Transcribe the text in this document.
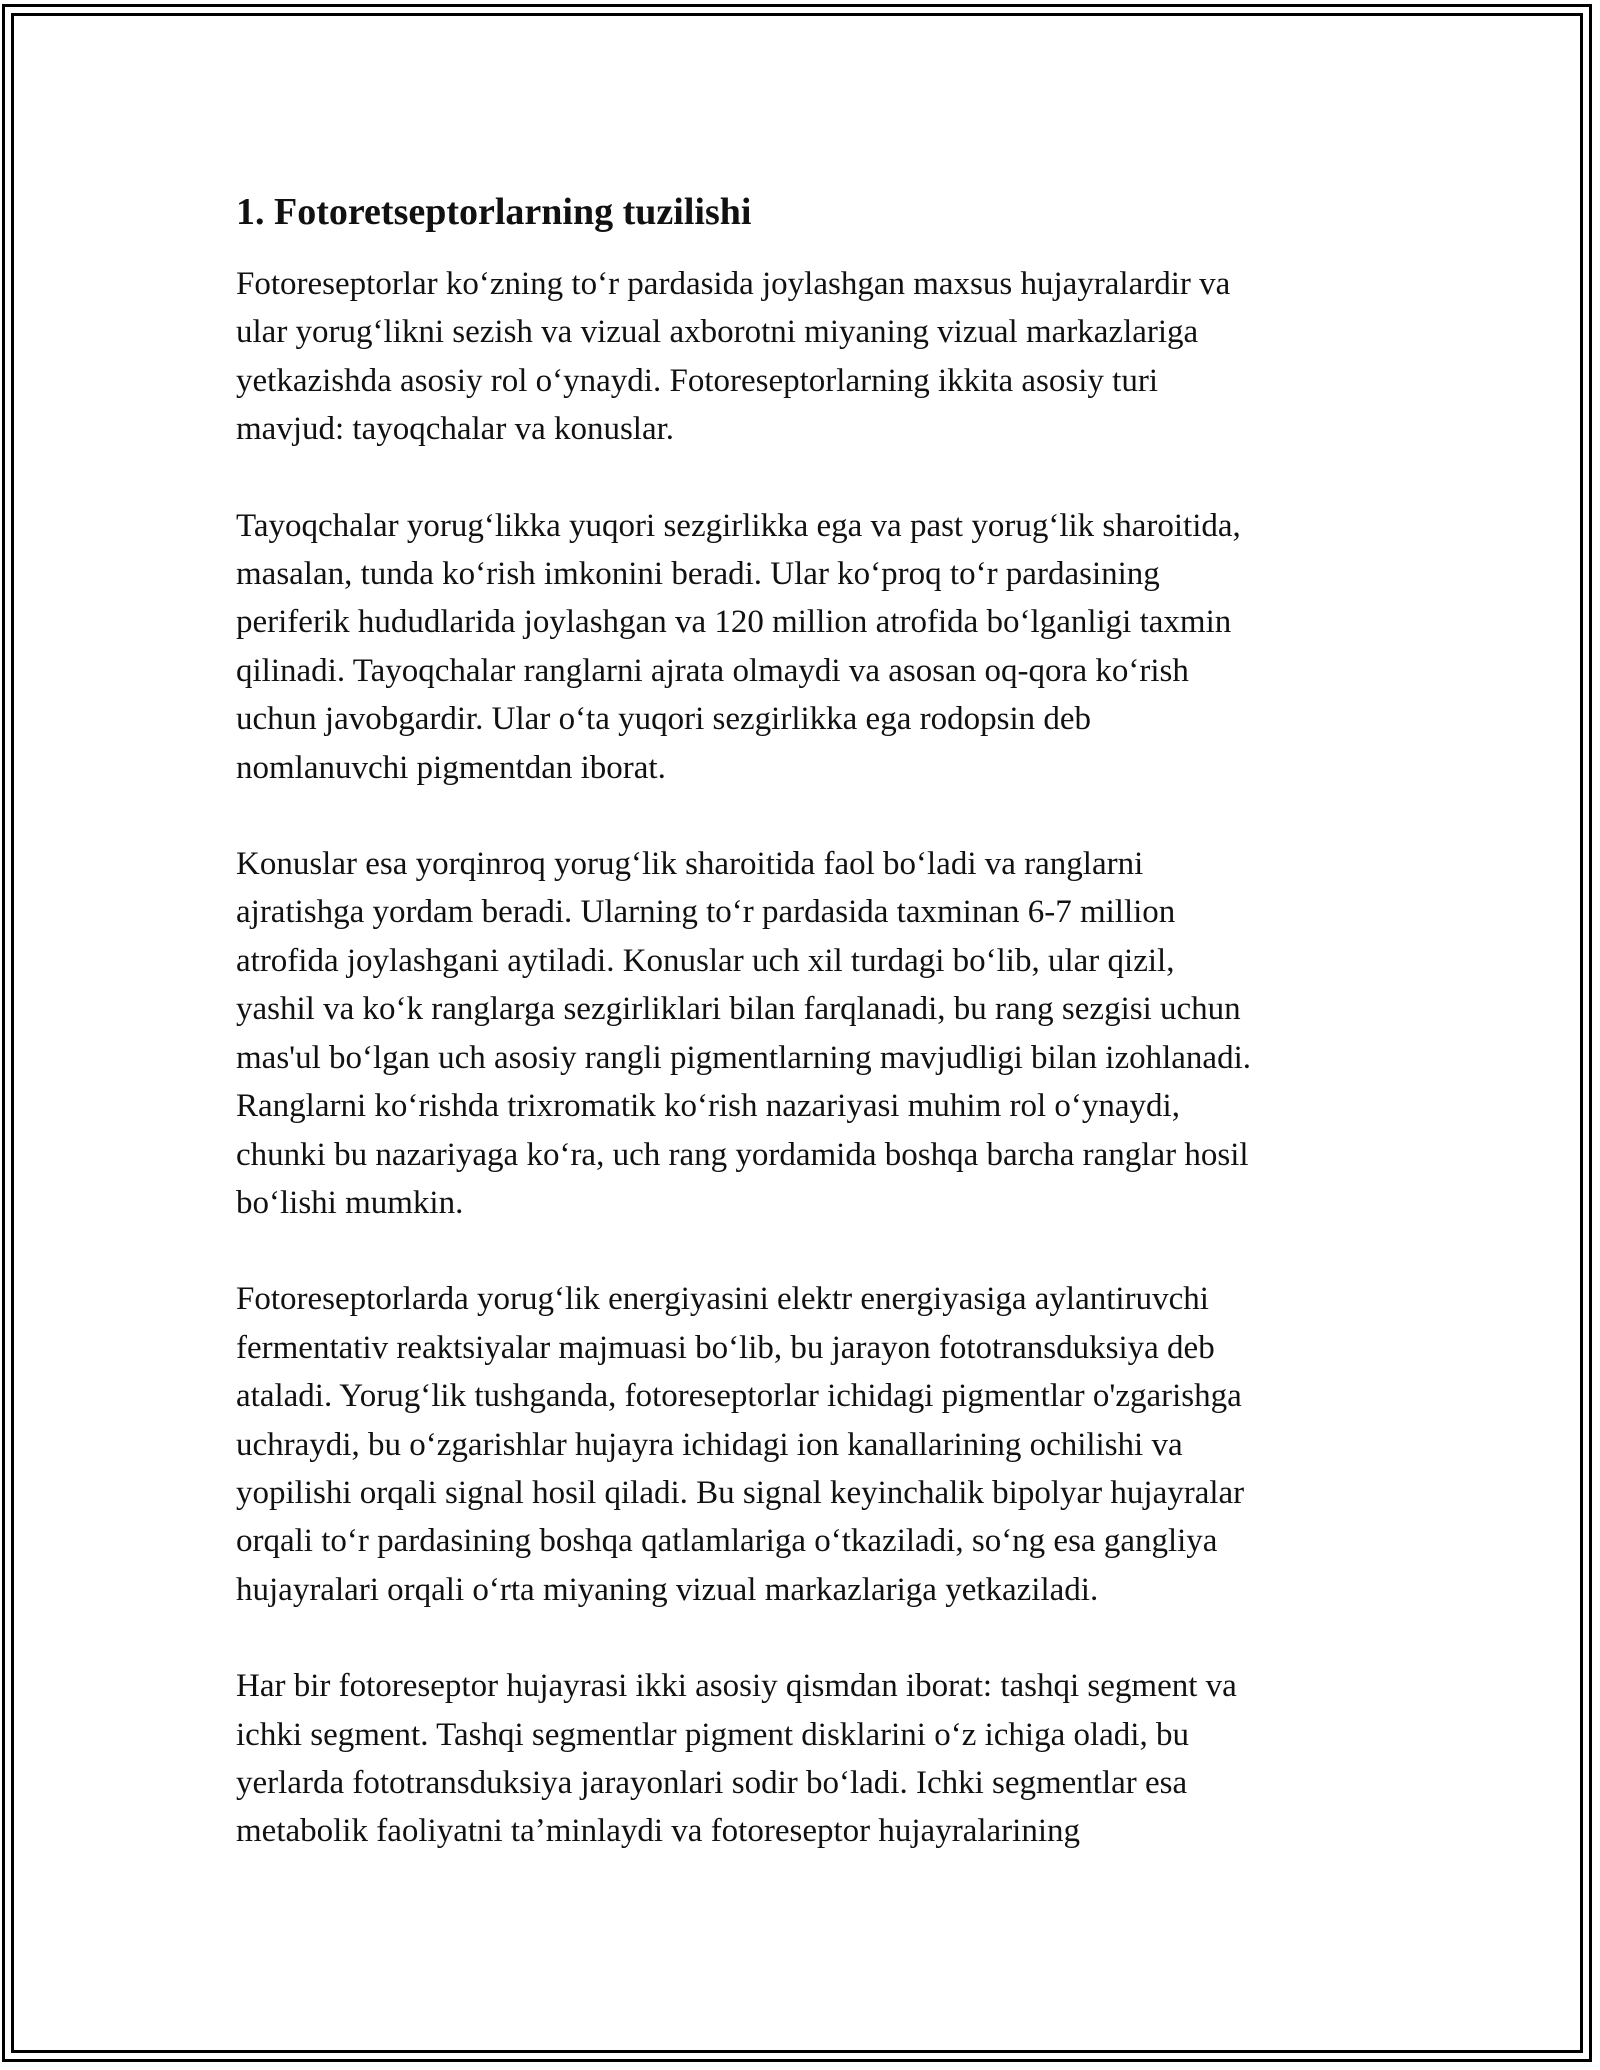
1. Fotoretseptorlarning tuzilishi

Fotoreseptorlar koʻzning toʻr pardasida joylashgan maxsus hujayralardir va
ular yorugʻlikni sezish va vizual axborotni miyaning vizual markazlariga
yetkazishda asosiy rol oʻynaydi. Fotoreseptorlarning ikkita asosiy turi
mavjud: tayoqchalar va konuslar.

Tayoqchalar yorugʻlikka yuqori sezgirlikka ega va past yorugʻlik sharoitida,
masalan, tunda koʻrish imkonini beradi. Ular koʻproq toʻr pardasining
periferik hududlarida joylashgan va 120 million atrofida boʻlganligi taxmin
qilinadi. Tayoqchalar ranglarni ajrata olmaydi va asosan oq-qora koʻrish
uchun javobgardir. Ular oʻta yuqori sezgirlikka ega rodopsin deb
nomlanuvchi pigmentdan iborat.

Konuslar esa yorqinroq yorugʻlik sharoitida faol boʻladi va ranglarni
ajratishga yordam beradi. Ularning toʻr pardasida taxminan 6-7 million
atrofida joylashgani aytiladi. Konuslar uch xil turdagi boʻlib, ular qizil,
yashil va koʻk ranglarga sezgirliklari bilan farqlanadi, bu rang sezgisi uchun
mas'ul boʻlgan uch asosiy rangli pigmentlarning mavjudligi bilan izohlanadi.
Ranglarni koʻrishda trixromatik koʻrish nazariyasi muhim rol oʻynaydi,
chunki bu nazariyaga koʻra, uch rang yordamida boshqa barcha ranglar hosil
boʻlishi mumkin.

Fotoreseptorlarda yorugʻlik energiyasini elektr energiyasiga aylantiruvchi
fermentativ reaktsiyalar majmuasi boʻlib, bu jarayon fototransduksiya deb
ataladi. Yorugʻlik tushganda, fotoreseptorlar ichidagi pigmentlar o'zgarishga
uchraydi, bu oʻzgarishlar hujayra ichidagi ion kanallarining ochilishi va
yopilishi orqali signal hosil qiladi. Bu signal keyinchalik bipolyar hujayralar
orqali toʻr pardasining boshqa qatlamlariga oʻtkaziladi, soʻng esa gangliya
hujayralari orqali oʻrta miyaning vizual markazlariga yetkaziladi.

Har bir fotoreseptor hujayrasi ikki asosiy qismdan iborat: tashqi segment va
ichki segment. Tashqi segmentlar pigment disklarini oʻz ichiga oladi, bu
yerlarda fototransduksiya jarayonlari sodir boʻladi. Ichki segmentlar esa
metabolik faoliyatni taʼminlaydi va fotoreseptor hujayralarining
